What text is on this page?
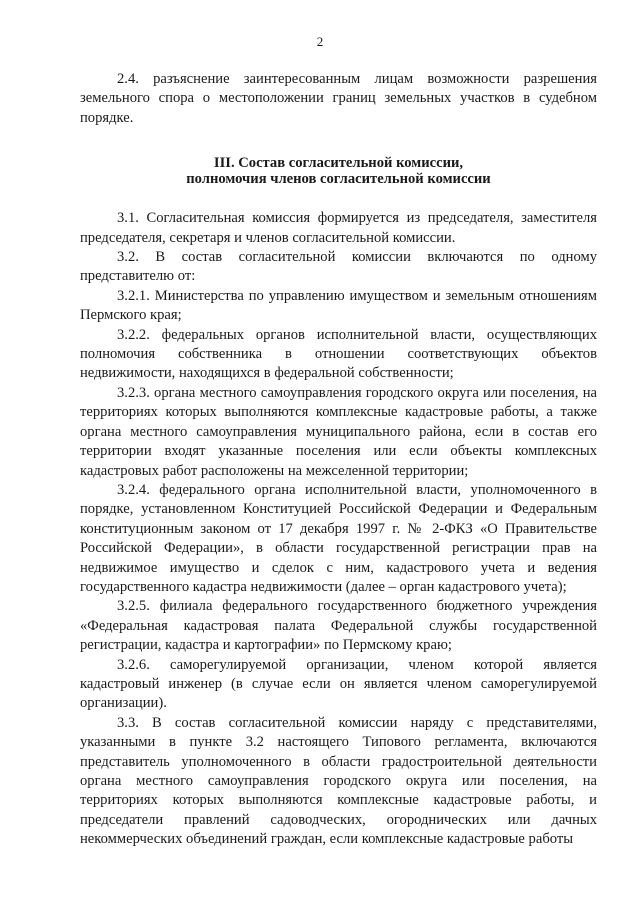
2

2.4. разъяснение заинтересованным лицам возможности разрешения земельного спора о местоположении границ земельных участков в судебном порядке.

III. Состав согласительной комиссии,
полномочия членов согласительной комиссии

3.1. Согласительная комиссия формируется из председателя, заместителя председателя, секретаря и членов согласительной комиссии.

3.2. В состав согласительной комиссии включаются по одному представителю от:

3.2.1. Министерства по управлению имуществом и земельным отношениям Пермского края;

3.2.2. федеральных органов исполнительной власти, осуществляющих полномочия собственника в отношении соответствующих объектов недвижимости, находящихся в федеральной собственности;

3.2.3. органа местного самоуправления городского округа или поселения, на территориях которых выполняются комплексные кадастровые работы, а также органа местного самоуправления муниципального района, если в состав его территории входят указанные поселения или если объекты комплексных кадастровых работ расположены на межселенной территории;

3.2.4. федерального органа исполнительной власти, уполномоченного в порядке, установленном Конституцией Российской Федерации и Федеральным конституционным законом от 17 декабря 1997 г. № 2-ФКЗ «О Правительстве Российской Федерации», в области государственной регистрации прав на недвижимое имущество и сделок с ним, кадастрового учета и ведения государственного кадастра недвижимости (далее – орган кадастрового учета);

3.2.5. филиала федерального государственного бюджетного учреждения «Федеральная кадастровая палата Федеральной службы государственной регистрации, кадастра и картографии» по Пермскому краю;

3.2.6. саморегулируемой организации, членом которой является кадастровый инженер (в случае если он является членом саморегулируемой организации).

3.3. В состав согласительной комиссии наряду с представителями, указанными в пункте 3.2 настоящего Типового регламента, включаются представитель уполномоченного в области градостроительной деятельности органа местного самоуправления городского округа или поселения, на территориях которых выполняются комплексные кадастровые работы, и председатели правлений садоводческих, огороднических или дачных некоммерческих объединений граждан, если комплексные кадастровые работы
